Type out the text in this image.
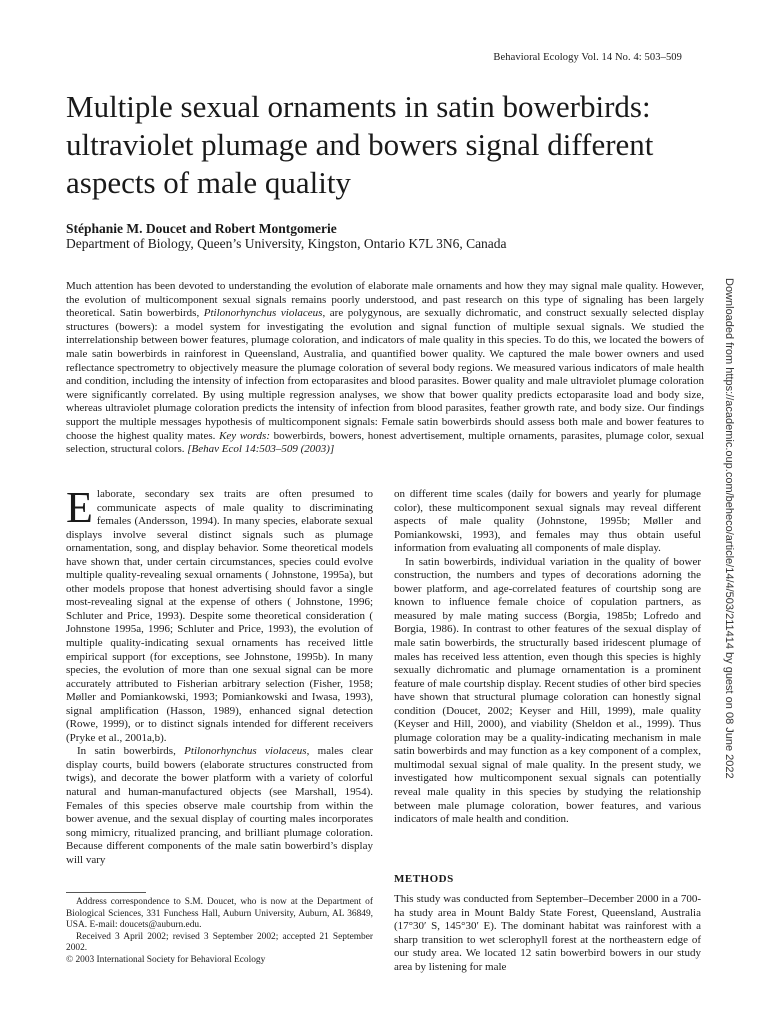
Behavioral Ecology Vol. 14 No. 4: 503–509
Multiple sexual ornaments in satin bowerbirds:
ultraviolet plumage and bowers signal different
aspects of male quality
Stéphanie M. Doucet and Robert Montgomerie
Department of Biology, Queen’s University, Kingston, Ontario K7L 3N6, Canada

Much attention has been devoted to understanding the evolution of elaborate male ornaments and how they may signal male quality. However, the evolution of multicomponent sexual signals remains poorly understood, and past research on this type of signaling has been largely theoretical. Satin bowerbirds, Ptilonorhynchus violaceus, are polygynous, are sexually dichromatic, and construct sexually selected display structures (bowers): a model system for investigating the evolution and signal function of multiple sexual signals. We studied the interrelationship between bower features, plumage coloration, and indicators of male quality in this species. To do this, we located the bowers of male satin bowerbirds in rainforest in Queensland, Australia, and quantified bower quality. We captured the male bower owners and used reflectance spectrometry to objectively measure the plumage coloration of several body regions. We measured various indicators of male health and condition, including the intensity of infection from ectoparasites and blood parasites. Bower quality and male ultraviolet plumage coloration were significantly correlated. By using multiple regression analyses, we show that bower quality predicts ectoparasite load and body size, whereas ultraviolet plumage coloration predicts the intensity of infection from blood parasites, feather growth rate, and body size. Our findings support the multiple messages hypothesis of multicomponent signals: Female satin bowerbirds should assess both male and bower features to choose the highest quality mates. Key words: bowerbirds, bowers, honest advertisement, multiple ornaments, parasites, plumage color, sexual selection, structural colors. [Behav Ecol 14:503–509 (2003)]	Downloaded from https://academic.oup.com/beheco/article/14/4/503/211414 by guest on 08 June 2022

Elaborate, secondary sex traits are often presumed to communicate aspects of male quality to discriminating females (Andersson, 1994). In many species, elaborate sexual displays involve several distinct signals such as plumage ornamentation, song, and display behavior. Some theoretical models have shown that, under certain circumstances, species could evolve multiple quality-revealing sexual ornaments ( Johnstone, 1995a), but other models propose that honest advertising should favor a single most-revealing signal at the expense of others ( Johnstone, 1996; Schluter and Price, 1993). Despite some theoretical consideration ( Johnstone 1995a, 1996; Schluter and Price, 1993), the evolution of multiple quality-indicating sexual ornaments has received little empirical support (for exceptions, see Johnstone, 1995b). In many species, the evolution of more than one sexual signal can be more accurately attributed to Fisherian arbitrary selection (Fisher, 1958; Møller and Pomiankowski, 1993; Pomiankowski and Iwasa, 1993), signal amplification (Hasson, 1989), enhanced signal detection (Rowe, 1999), or to distinct signals intended for different receivers (Pryke et al., 2001a,b).

In satin bowerbirds, Ptilonorhynchus violaceus, males clear display courts, build bowers (elaborate structures constructed from twigs), and decorate the bower platform with a variety of colorful natural and human-manufactured objects (see Marshall, 1954). Females of this species observe male courtship from within the bower avenue, and the sexual display of courting males incorporates song mimicry, ritualized prancing, and brilliant plumage coloration. Because different components of the male satin bowerbird’s display will vary

on different time scales (daily for bowers and yearly for plumage color), these multicomponent sexual signals may reveal different aspects of male quality (Johnstone, 1995b; Møller and Pomiankowski, 1993), and females may thus obtain useful information from evaluating all components of male display.

In satin bowerbirds, individual variation in the quality of bower construction, the numbers and types of decorations adorning the bower platform, and age-correlated features of courtship song are known to influence female choice of copulation partners, as measured by male mating success (Borgia, 1985b; Lofredo and Borgia, 1986). In contrast to other features of the sexual display of male satin bowerbirds, the structurally based iridescent plumage of males has received less attention, even though this species is highly sexually dichromatic and plumage ornamentation is a prominent feature of male courtship display. Recent studies of other bird species have shown that structural plumage coloration can honestly signal condition (Doucet, 2002; Keyser and Hill, 1999), male quality (Keyser and Hill, 2000), and viability (Sheldon et al., 1999). Thus plumage coloration may be a quality-indicating mechanism in male satin bowerbirds and may function as a key component of a complex, multimodal sexual signal of male quality. In the present study, we investigated how multicomponent sexual signals can potentially reveal male quality in this species by studying the relationship between male plumage coloration, bower features, and various indicators of male health and condition.

Address correspondence to S.M. Doucet, who is now at the Department of Biological Sciences, 331 Funchess Hall, Auburn University, Auburn, AL 36849, USA. E-mail: doucets@auburn.edu.

Received 3 April 2002; revised 3 September 2002; accepted 21 September 2002.

© 2003 International Society for Behavioral Ecology

METHODS

This study was conducted from September–December 2000 in a 700-ha study area in Mount Baldy State Forest, Queensland, Australia (17°30′ S, 145°30′ E). The dominant habitat was rainforest with a sharp transition to wet sclerophyll forest at the northeastern edge of our study area. We located 12 satin bowerbird bowers in our study area by listening for male
